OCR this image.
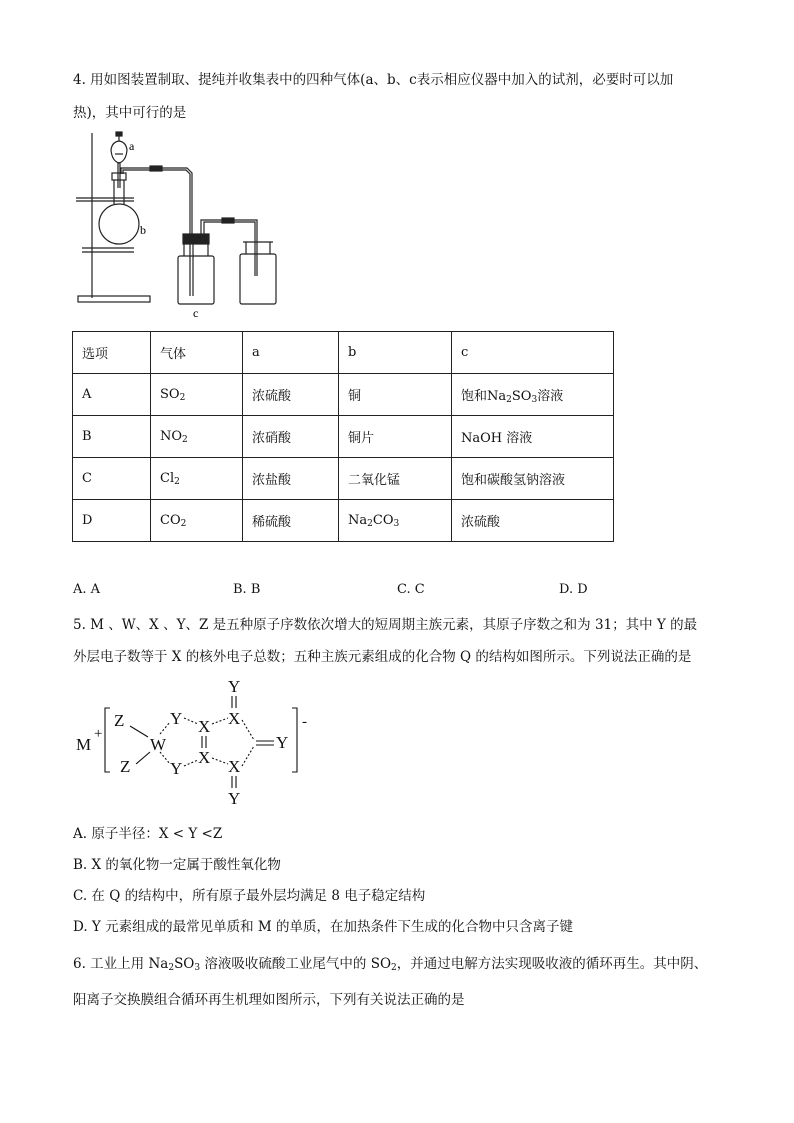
4. 用如图装置制取、提纯并收集表中的四种气体(a、b、c表示相应仪器中加入的试剂，必要时可以加
热)，其中可行的是
a
b
c
选项	气体	a	b	c
A	$SO_2$	浓硫酸	铜	饱和$Na_2SO_3$溶液
B	$NO_2$	浓硝酸	铜片	NaOH 溶液
C	$Cl_2$	浓盐酸	二氧化锰	饱和碳酸氢钠溶液
D	$CO_2$	稀硫酸	$Na_2CO_3$	浓硫酸
A. A	B. B	C. C	D. D
5. M 、W、X 、Y、Z 是五种原子序数依次增大的短周期主族元素，其原子序数之和为 31；其中 Y 的最
外层电子数等于 X 的核外电子总数；五种主族元素组成的化合物 Q 的结构如图所示。下列说法正确的是
M
+
Z
Z
W
Y
Y
X
X
X
X
Y
Y
Y
-
A. 原子半径：X < Y <Z
B. X 的氧化物一定属于酸性氧化物
C. 在 Q 的结构中，所有原子最外层均满足 8 电子稳定结构
D. Y 元素组成的最常见单质和 M 的单质，在加热条件下生成的化合物中只含离子键
6. 工业上用 $Na_2SO_3$ 溶液吸收硫酸工业尾气中的 $SO_2$，并通过电解方法实现吸收液的循环再生。其中阴、
阳离子交换膜组合循环再生机理如图所示，下列有关说法正确的是
